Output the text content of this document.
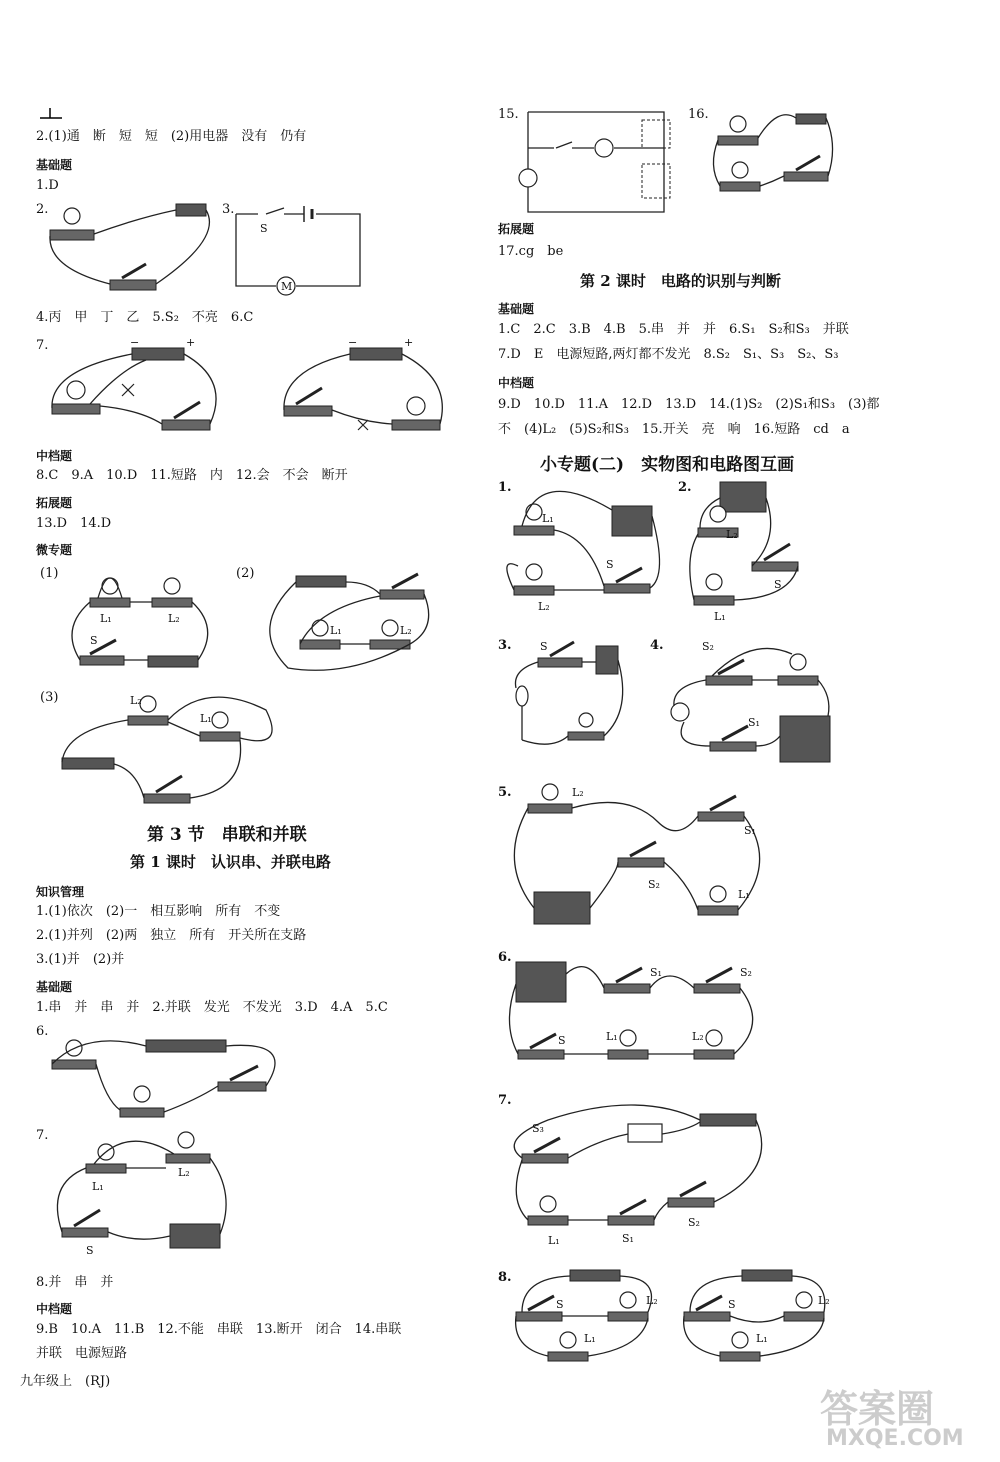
2.(1)通　断　短　短　(2)用电器　没有　仍有
基础题
1.D
2.	3.
M
S
4.丙　甲　丁　乙　5.S₂　不亮　6.C
7.	−	+	−	+
中档题
8.C　9.A　10.D　11.短路　内　12.会　不会　断开
拓展题
13.D　14.D
微专题
(1)	(2)
S
L₁	L₂
L₁	L₂
(3)	L₂
L₁
第 3 节　串联和并联
第 1 课时　认识串、并联电路
知识管理
1.(1)依次　(2)一　相互影响　所有　不变
2.(1)并列　(2)两　独立　所有　开关所在支路
3.(1)并　(2)并
基础题
1.串　并　串　并　2.并联　发光　不发光　3.D　4.A　5.C
6.
7.
L₁
L₂
S
8.并　串　并
中档题
9.B　10.A　11.B　12.不能　串联　13.断开　闭合　14.串联
并联　电源短路
九年级上　(RJ)
15.	16.
拓展题
17.cg　be
第 2 课时　电路的识别与判断
基础题
1.C　2.C　3.B　4.B　5.串　并　并　6.S₁　S₂和S₃　并联
7.D　E　电源短路,两灯都不发光　8.S₂　S₁、S₃　S₂、S₃
中档题
9.D　10.D　11.A　12.D　13.D　14.(1)S₂　(2)S₁和S₃　(3)都
不　(4)L₂　(5)S₂和S₃　15.开关　亮　响　16.短路　cd　a
小专题(二)　实物图和电路图互画
1.
L₁
L₂
S
2.
L₂
S
L₁
3.	S	4.	S₂
S₁
5.	L₂
S₁
S₂
L₁
6.
S₁	S₂
S	L₁	L₂
7.
S₃
L₁	S₁
S₂
8.
S	L₂
L₁
S	L₂
L₁
答案圈
MXQE.COM
